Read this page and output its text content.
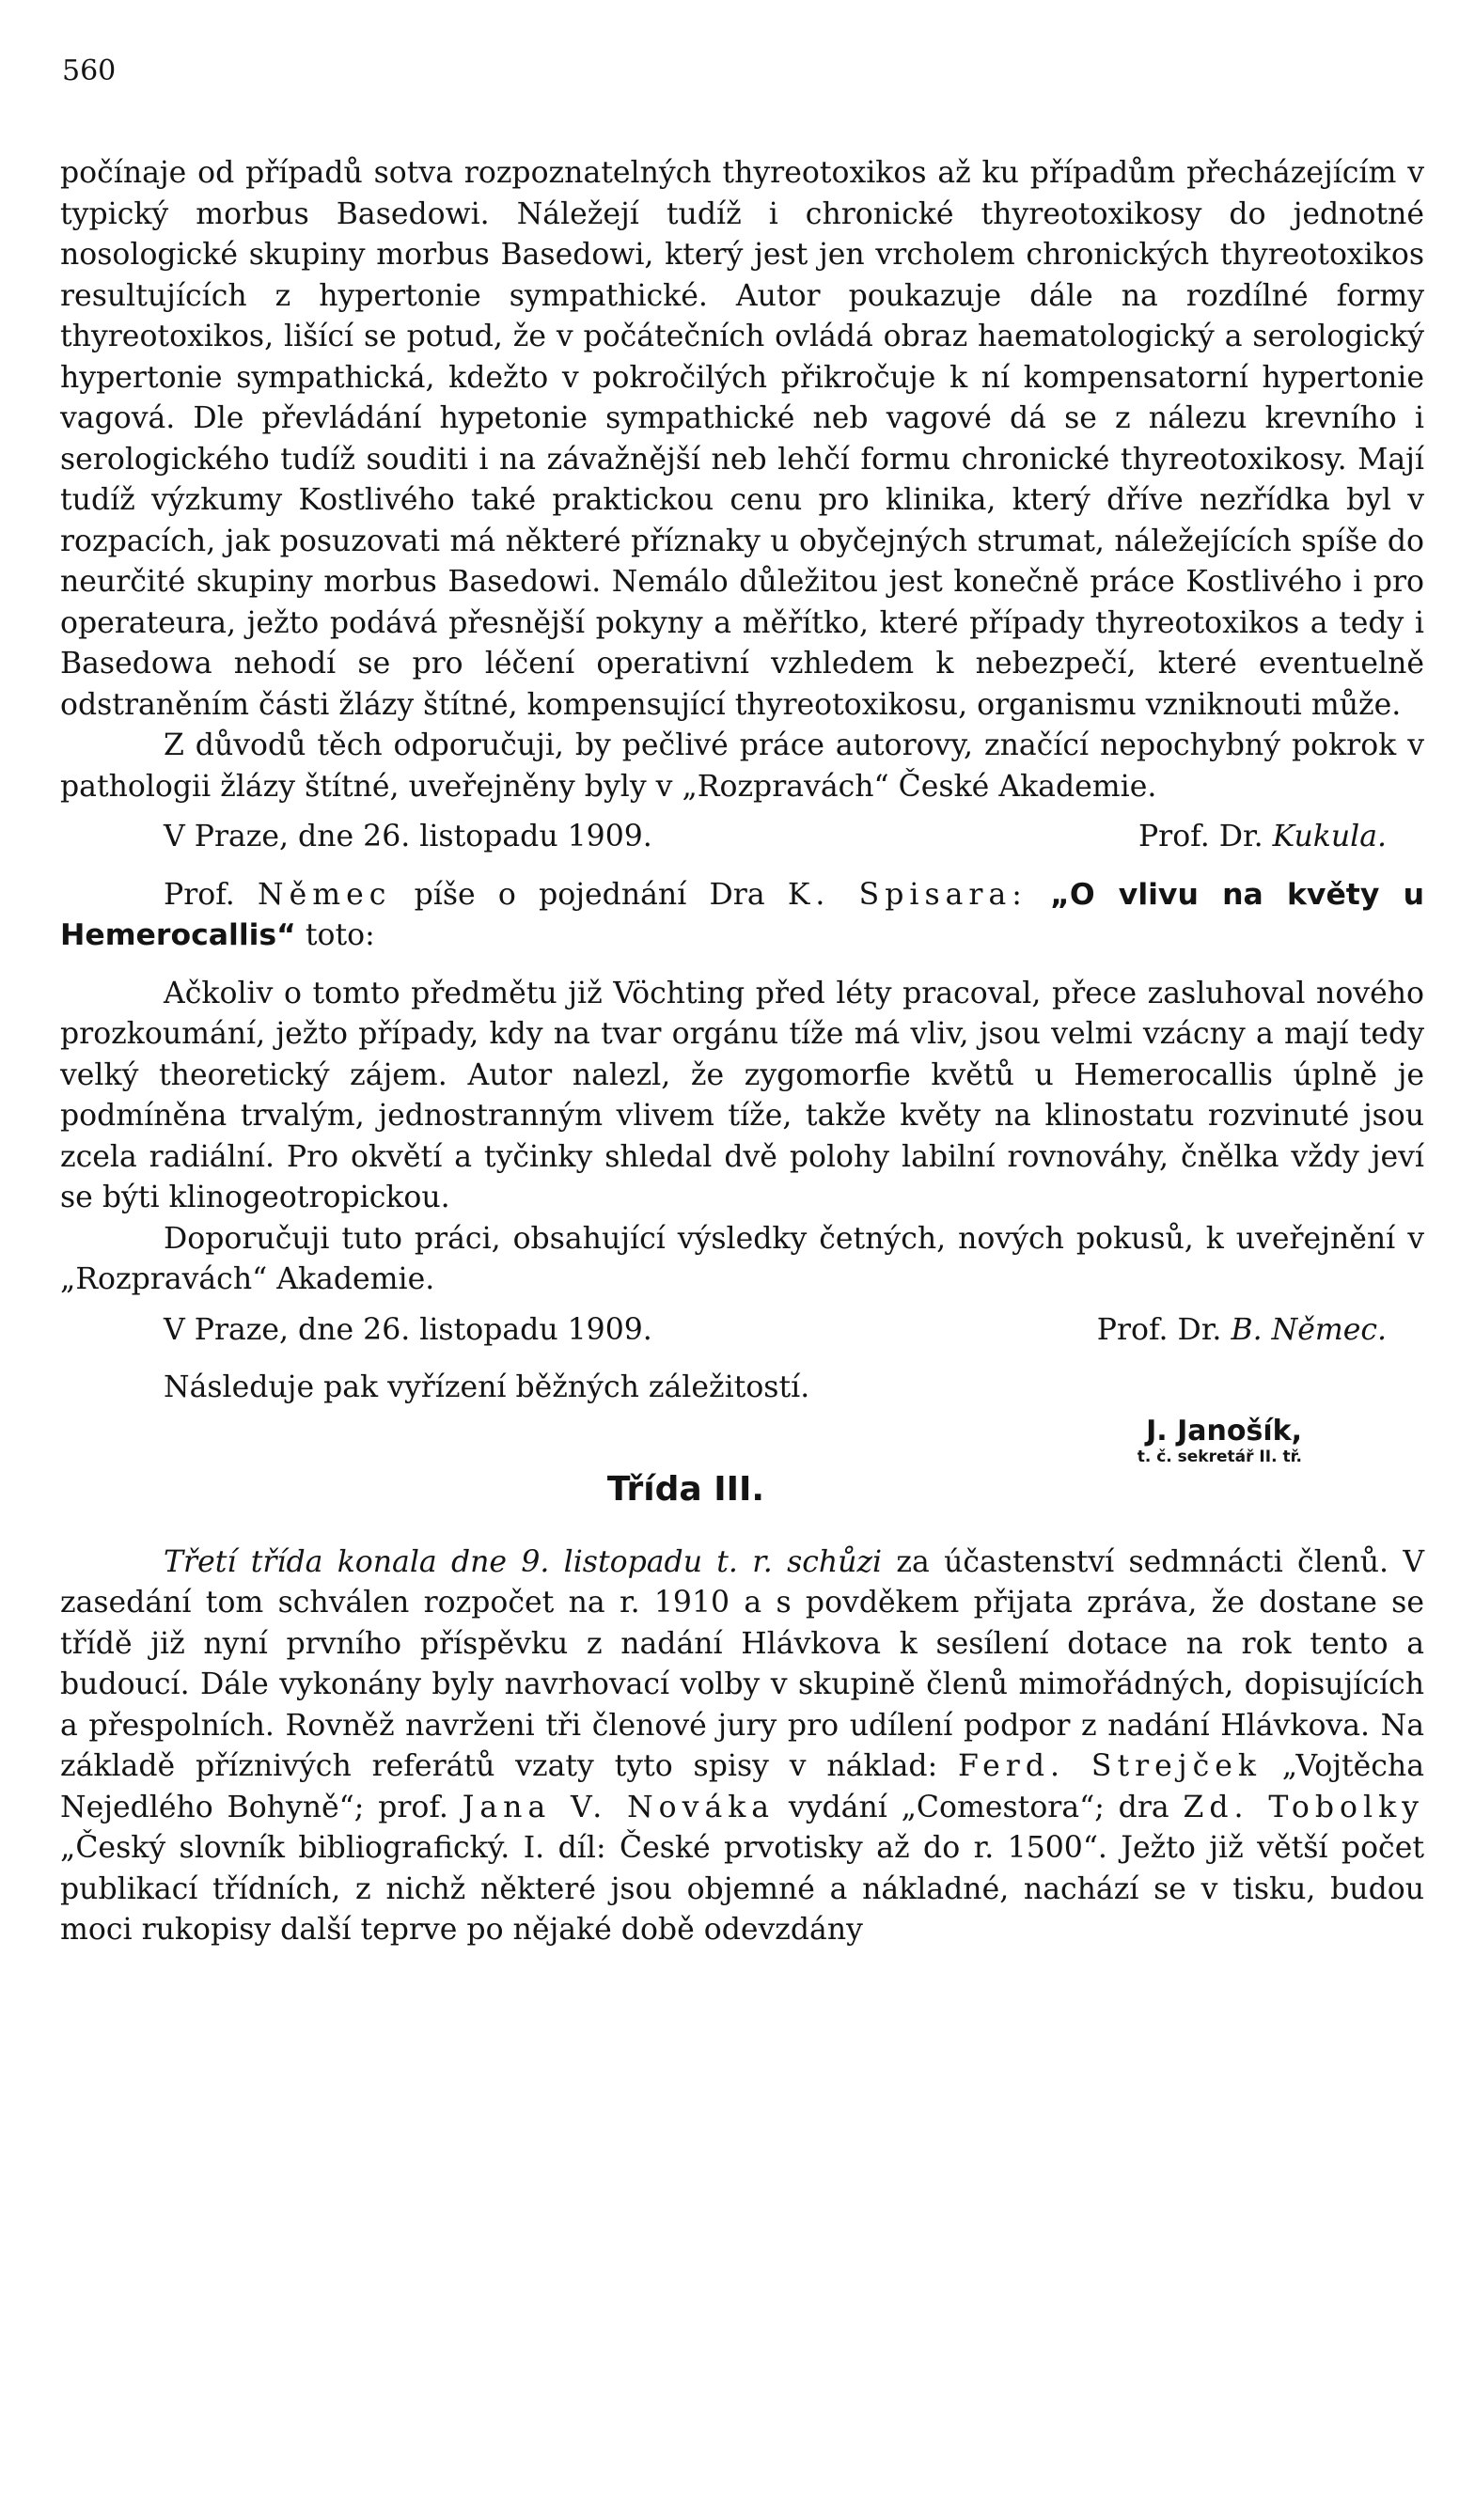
560

počínaje od případů sotva rozpoznatelných thyreotoxikos až ku případům přecházejícím v typický morbus Basedowi. Náležejí tudíž i chronické thyreotoxikosy do jednotné nosologické skupiny morbus Basedowi, který jest jen vrcholem chronických thyreotoxikos resultujících z hypertonie sympathické. Autor poukazuje dále na rozdílné formy thyreotoxikos, lišící se potud, že v počátečních ovládá obraz haematologický a serologický hypertonie sympathická, kdežto v pokročilých přikročuje k ní kompensatorní hypertonie vagová. Dle převládání hypetonie sympathické neb vagové dá se z nálezu krevního i serologického tudíž souditi i na závažnější neb lehčí formu chronické thyreotoxikosy. Mají tudíž výzkumy Kostlivého také praktickou cenu pro klinika, který dříve nezřídka byl v rozpacích, jak posuzovati má některé příznaky u obyčejných strumat, náležejících spíše do neurčité skupiny morbus Basedowi. Nemálo důležitou jest konečně práce Kostlivého i pro operateura, ježto podává přesnější pokyny a měřítko, které případy thyreotoxikos a tedy i Basedowa nehodí se pro léčení operativní vzhledem k nebezpečí, které eventuelně odstraněním části žlázy štítné, kompensující thyreotoxikosu, organismu vzniknouti může.

Z důvodů těch odporučuji, by pečlivé práce autorovy, značící nepochybný pokrok v pathologii žlázy štítné, uveřejněny byly v „Rozpravách“ České Akademie.

V Praze, dne 26. listopadu 1909.	Prof. Dr. Kukula.

Prof. Němec píše o pojednání Dra K. Spisara: „O vlivu na květy u Hemerocallis“ toto:

Ačkoliv o tomto předmětu již Vöchting před léty pracoval, přece zasluhoval nového prozkoumání, ježto případy, kdy na tvar orgánu tíže má vliv, jsou velmi vzácny a mají tedy velký theoretický zájem. Autor nalezl, že zygomorfie květů u Hemerocallis úplně je podmíněna trvalým, jednostranným vlivem tíže, takže květy na klinostatu rozvinuté jsou zcela radiální. Pro okvětí a tyčinky shledal dvě polohy labilní rovnováhy, čnělka vždy jeví se býti klinogeotropickou.

Doporučuji tuto práci, obsahující výsledky četných, nových pokusů, k uveřejnění v „Rozpravách“ Akademie.

V Praze, dne 26. listopadu 1909.	Prof. Dr. B. Němec.

Následuje pak vyřízení běžných záležitostí.

J. Janošík,
t. č. sekretář II. tř.
Třída III.

Třetí třída konala dne 9. listopadu t. r. schůzi za účastenství sedmnácti členů. V zasedání tom schválen rozpočet na r. 1910 a s povděkem přijata zpráva, že dostane se třídě již nyní prvního příspěvku z nadání Hlávkova k sesílení dotace na rok tento a budoucí. Dále vykonány byly navrhovací volby v skupině členů mimořádných, dopisujících a přespolních. Rovněž navrženi tři členové jury pro udílení podpor z nadání Hlávkova. Na základě příznivých referátů vzaty tyto spisy v náklad: Ferd. Strejček „Vojtěcha Nejedlého Bohyně“; prof. Jana V. Nováka vydání „Comestora“; dra Zd. Tobolky „Český slovník bibliografický. I. díl: České prvotisky až do r. 1500“. Ježto již větší počet publikací třídních, z nichž některé jsou objemné a nákladné, nachází se v tisku, budou moci rukopisy další teprve po nějaké době odevzdány
